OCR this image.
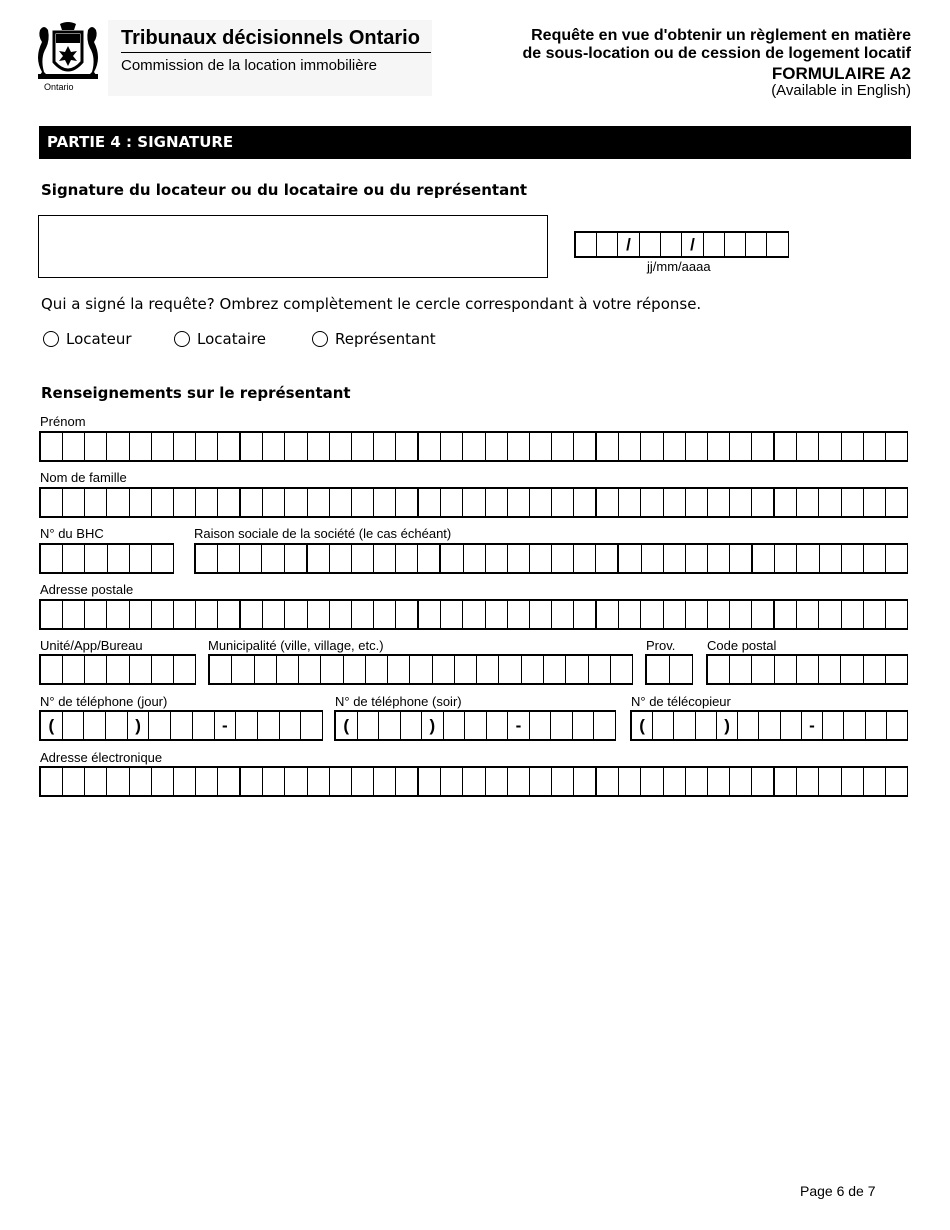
Ontario
Tribunaux décisionnels Ontario
Commission de la location immobilière
Requête en vue d'obtenir un règlement en matière
de sous-location ou de cession de logement locatif
FORMULAIRE A2
(Available in English)
PARTIE 4 : SIGNATURE
Signature du locateur ou du locataire ou du représentant
/	/
jj/mm/aaaa
Qui a signé la requête? Ombrez complètement le cercle correspondant à votre réponse.
Locateur	Locataire	Représentant
Renseignements sur le représentant
Prénom
Nom de famille
N° du BHC	Raison sociale de la société (le cas échéant)
Adresse postale
Unité/App/Bureau	Municipalité (ville, village, etc.)	Prov. Code postal
N° de téléphone (jour)
(	)	-
N° de téléphone (soir)
(	)	-
N° de télécopieur
(	)	-
Adresse électronique
Page 6 de 7
